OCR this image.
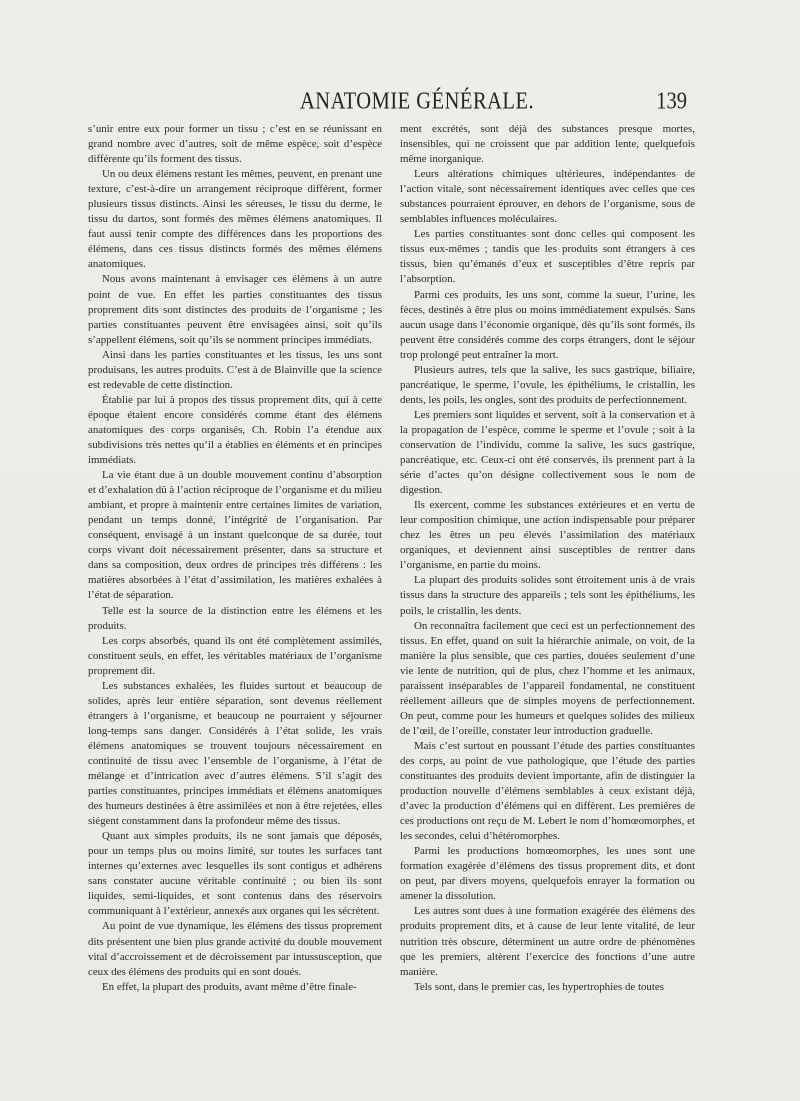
ANATOMIE GÉNÉRALE.	139

s’unir entre eux pour former un tissu ; c’est en se réunissant en grand nombre avec d’autres, soit de même espèce, soit d’espèce différente qu’ils forment des tissus.

Un ou deux élémens restant les mêmes, peuvent, en prenant une texture, c’est-à-dire un arrangement réciproque différent, former plusieurs tissus distincts. Ainsi les séreuses, le tissu du derme, le tissu du dartos, sont formés des mêmes élémens anatomiques. Il faut aussi tenir compte des différences dans les proportions des élémens, dans ces tissus distincts formés des mêmes élémens anatomiques.

Nous avons maintenant à envisager ces élémens à un autre point de vue. En effet les parties constituantes des tissus proprement dits sont distinctes des produits de l’organisme ; les parties constituantes peuvent être envisagées ainsi, soit qu’ils s’appellent élémens, soit qu’ils se nomment principes immédiats.

Ainsi dans les parties constituantes et les tissus, les uns sont produisans, les autres produits. C’est à de Blainville que la science est redevable de cette distinction.

Établie par lui à propos des tissus proprement dits, qui à cette époque étaient encore considérés comme étant des élémens anatomiques des corps organisés, Ch. Robin l’a étendue aux subdivisions très nettes qu’il a établies en éléments et en principes immédiats.

La vie étant due à un double mouvement continu d’absorption et d’exhalation dû à l’action réciproque de l’organisme et du milieu ambiant, et propre à maintenir entre certaines limites de variation, pendant un temps donné, l’intégrité de l’organisation. Par conséquent, envisagé à un instant quelconque de sa durée, tout corps vivant doit nécessairement présenter, dans sa structure et dans sa composition, deux ordres de principes très différens : les matières absorbées à l’état d’assimilation, les matières exhalées à l’état de séparation.

Telle est la source de la distinction entre les élémens et les produits.

Les corps absorbés, quand ils ont été complètement assimilés, constituent seuls, en effet, les véritables matériaux de l’organisme proprement dit.

Les substances exhalées, les fluides surtout et beaucoup de solides, après leur entière séparation, sont devenus réellement étrangers à l’organisme, et beaucoup ne pourraient y séjourner long-temps sans danger. Considérés à l’état solide, les vrais élémens anatomiques se trouvent toujours nécessairement en continuité de tissu avec l’ensemble de l’organisme, à l’état de mélange et d’intrication avec d’autres élémens. S’il s’agit des parties constituantes, principes immédiats et élémens anatomiques des humeurs destinées à être assimilées et non à être rejetées, elles siégent constamment dans la profondeur même des tissus.

Quant aux simples produits, ils ne sont jamais que déposés, pour un temps plus ou moins limité, sur toutes les surfaces tant internes qu’externes avec lesquelles ils sont contigus et adhérens sans constater aucune véritable continuité ; ou bien ils sont liquides, semi-liquides, et sont contenus dans des réservoirs communiquant à l’extérieur, annexés aux organes qui les sécrètent.

Au point de vue dynamique, les élémens des tissus proprement dits présentent une bien plus grande activité du double mouvement vital d’accroissement et de décroissement par intussusception, que ceux des élémens des produits qui en sont doués.

En effet, la plupart des produits, avant même d’être finale-

ment excrétés, sont déjà des substances presque mortes, insensibles, qui ne croissent que par addition lente, quelquefois même inorganique.

Leurs altérations chimiques ultérieures, indépendantes de l’action vitale, sont nécessairement identiques avec celles que ces substances pourraient éprouver, en dehors de l’organisme, sous de semblables influences moléculaires.

Les parties constituantes sont donc celles qui composent les tissus eux-mêmes ; tandis que les produits sont étrangers à ces tissus, bien qu’émanés d’eux et susceptibles d’être repris par l’absorption.

Parmi ces produits, les uns sont, comme la sueur, l’urine, les fèces, destinés à être plus ou moins immédiatement expulsés. Sans aucun usage dans l’économie organique, dès qu’ils sont formés, ils peuvent être considérés comme des corps étrangers, dont le séjour trop prolongé peut entraîner la mort.

Plusieurs autres, tels que la salive, les sucs gastrique, biliaire, pancréatique, le sperme, l’ovule, les épithéliums, le cristallin, les dents, les poils, les ongles, sont des produits de perfectionnement.

Les premiers sont liquides et servent, soit à la conservation et à la propagation de l’espèce, comme le sperme et l’ovule ; soit à la conservation de l’individu, comme la salive, les sucs gastrique, pancréatique, etc. Ceux-ci ont été conservés, ils prennent part à la série d’actes qu’on désigne collectivement sous le nom de digestion.

Ils exercent, comme les substances extérieures et en vertu de leur composition chimique, une action indispensable pour préparer chez les êtres un peu élevés l’assimilation des matériaux organiques, et deviennent ainsi susceptibles de rentrer dans l’organisme, en partie du moins.

La plupart des produits solides sont étroitement unis à de vrais tissus dans la structure des appareils ; tels sont les épithéliums, les poils, le cristallin, les dents.

On reconnaîtra facilement que ceci est un perfectionnement des tissus. En effet, quand on suit la hiérarchie animale, on voit, de la manière la plus sensible, que ces parties, douées seulement d’une vie lente de nutrition, qui de plus, chez l’homme et les animaux, paraissent inséparables de l’appareil fondamental, ne constituent réellement ailleurs que de simples moyens de perfectionnement. On peut, comme pour les humeurs et quelques solides des milieux de l’œil, de l’oreille, constater leur introduction graduelle.

Mais c’est surtout en poussant l’étude des parties constituantes des corps, au point de vue pathologique, que l’étude des parties constituantes des produits devient importante, afin de distinguer la production nouvelle d’élémens semblables à ceux existant déjà, d’avec la production d’élémens qui en diffèrent. Les premières de ces productions ont reçu de M. Lebert le nom d’homœomorphes, et les secondes, celui d’hétéromorphes.

Parmi les productions homœomorphes, les unes sont une formation exagérée d’élémens des tissus proprement dits, et dont on peut, par divers moyens, quelquefois enrayer la formation ou amener la dissolution.

Les autres sont dues à une formation exagérée des élémens des produits proprement dits, et à cause de leur lente vitalité, de leur nutrition très obscure, déterminent un autre ordre de phénomènes que les premiers, altèrent l’exercice des fonctions d’une autre manière.

Tels sont, dans le premier cas, les hypertrophies de toutes
